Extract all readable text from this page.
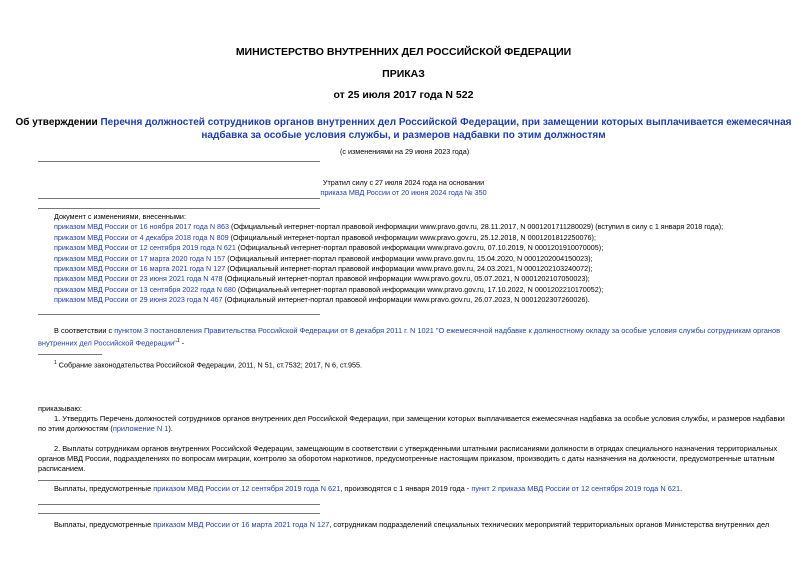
МИНИСТЕРСТВО ВНУТРЕННИХ ДЕЛ РОССИЙСКОЙ ФЕДЕРАЦИИ
ПРИКАЗ
от 25 июля 2017 года N 522
Об утверждении Перечня должностей сотрудников органов внутренних дел Российской Федерации, при замещении которых выплачивается ежемесячная
надбавка за особые условия службы, и размеров надбавки по этим должностям
(с изменениями на 29 июня 2023 года)
Утратил силу с 27 июля 2024 года на основании
приказа МВД России от 20 июня 2024 года № 350
Документ с изменениями, внесенными:
приказом МВД России от 16 ноября 2017 года N 863 (Официальный интернет-портал правовой информации www.pravo.gov.ru, 28.11.2017, N 0001201711280029) (вступил в силу с 1 января 2018 года);
приказом МВД России от 4 декабря 2018 года N 809 (Официальный интернет-портал правовой информации www.pravo.gov.ru, 25.12.2018, N 0001201812250076);
приказом МВД России от 12 сентября 2019 года N 621 (Официальный интернет-портал правовой информации www.pravo.gov.ru, 07.10.2019, N 0001201910070005);
приказом МВД России от 17 марта 2020 года N 157 (Официальный интернет-портал правовой информации www.pravo.gov.ru, 15.04.2020, N 0001202004150023);
приказом МВД России от 16 марта 2021 года N 127 (Официальный интернет-портал правовой информации www.pravo.gov.ru, 24.03.2021, N 0001202103240072);
приказом МВД России от 23 июня 2021 года N 478 (Официальный интернет-портал правовой информации www.pravo.gov.ru, 05.07.2021, N 0001202107050023);
приказом МВД России от 13 сентября 2022 года N 680 (Официальный интернет-портал правовой информации www.pravo.gov.ru, 17.10.2022, N 0001202210170052);
приказом МВД России от 29 июня 2023 года N 467 (Официальный интернет-портал правовой информации www.pravo.gov.ru, 26.07.2023, N 0001202307260026).
В соответствии с пунктом 3 постановления Правительства Российской Федерации от 8 декабря 2011 г. N 1021 "О ежемесячной надбавке к должностному окладу за особые условия службы сотрудникам органов
внутренних дел Российской Федерации"$^1$ -
$^1$ Собрание законодательства Российской Федерации, 2011, N 51, ст.7532; 2017, N 6, ст.955.
приказываю:
1. Утвердить Перечень должностей сотрудников органов внутренних дел Российской Федерации, при замещении которых выплачивается ежемесячная надбавка за особые условия службы, и размеров надбавки
по этим должностям (приложение N 1).
2. Выплаты сотрудникам органов внутренних Российской Федерации, замещающим в соответствии с утвержденными штатными расписаниями должности в отрядах специального назначения территориальных
органов МВД России, подразделениях по вопросам миграции, контролю за оборотом наркотиков, предусмотренные настоящим приказом, производить с даты назначения на должности, предусмотренные штатным
расписанием.
Выплаты, предусмотренные приказом МВД России от 12 сентября 2019 года N 621, производятся с 1 января 2019 года - пункт 2 приказа МВД России от 12 сентября 2019 года N 621.
Выплаты, предусмотренные приказом МВД России от 16 марта 2021 года N 127, сотрудникам подразделений специальных технических мероприятий территориальных органов Министерства внутренних дел
